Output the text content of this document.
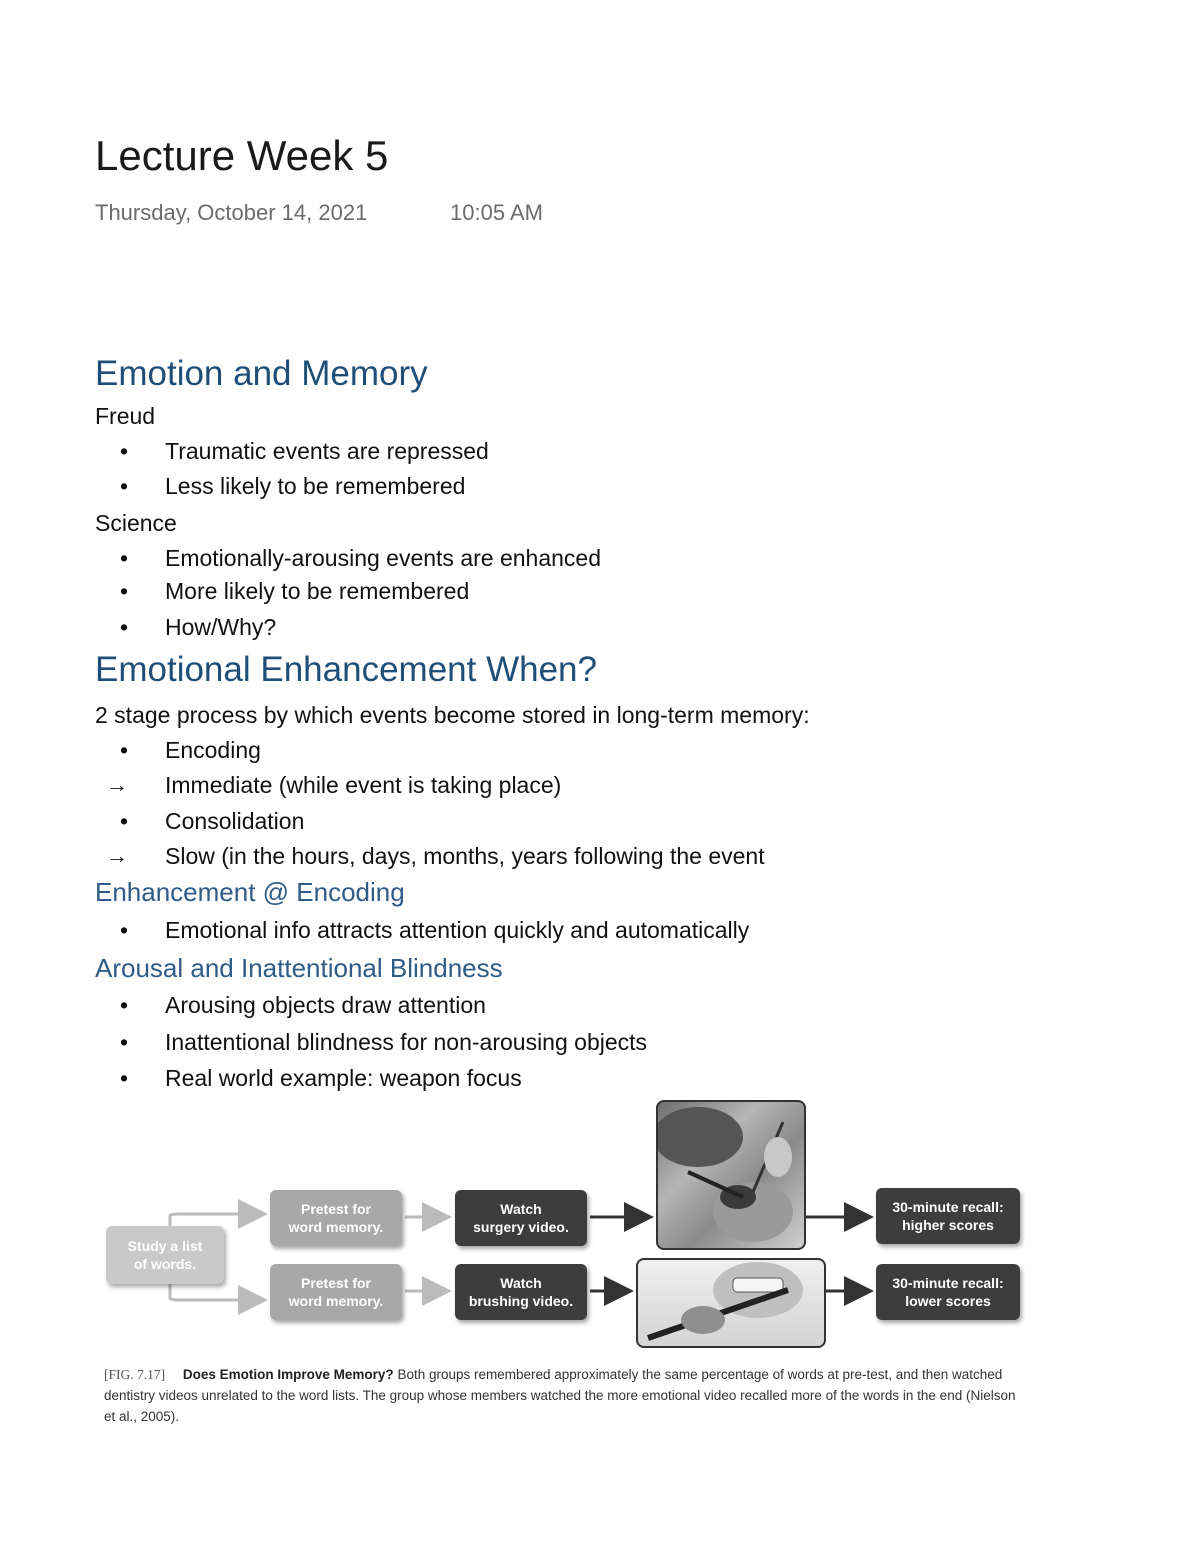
Lecture Week 5
Thursday, October 14, 2021	10:05 AM
Emotion and Memory
Freud
• Traumatic events are repressed
• Less likely to be remembered
Science
• Emotionally-arousing events are enhanced
• More likely to be remembered
• How/Why?
Emotional Enhancement When?
2 stage process by which events become stored in long-term memory:
• Encoding
→ Immediate (while event is taking place)
• Consolidation
→ Slow (in the hours, days, months, years following the event
Enhancement @ Encoding
• Emotional info attracts attention quickly and automatically
Arousal and Inattentional Blindness
• Arousing objects draw attention
• Inattentional blindness for non-arousing objects
• Real world example: weapon focus
Study a list
of words.
Pretest for
word memory.
Pretest for
word memory.
Watch
surgery video.
Watch
brushing video.
30-minute recall:
higher scores
30-minute recall:
lower scores
[FIG. 7.17] Does Emotion Improve Memory? Both groups remembered approximately the same percentage of words at pre-test, and then watched dentistry videos unrelated to the word lists. The group whose members watched the more emotional video recalled more of the words in the end (Nielson et al., 2005).
